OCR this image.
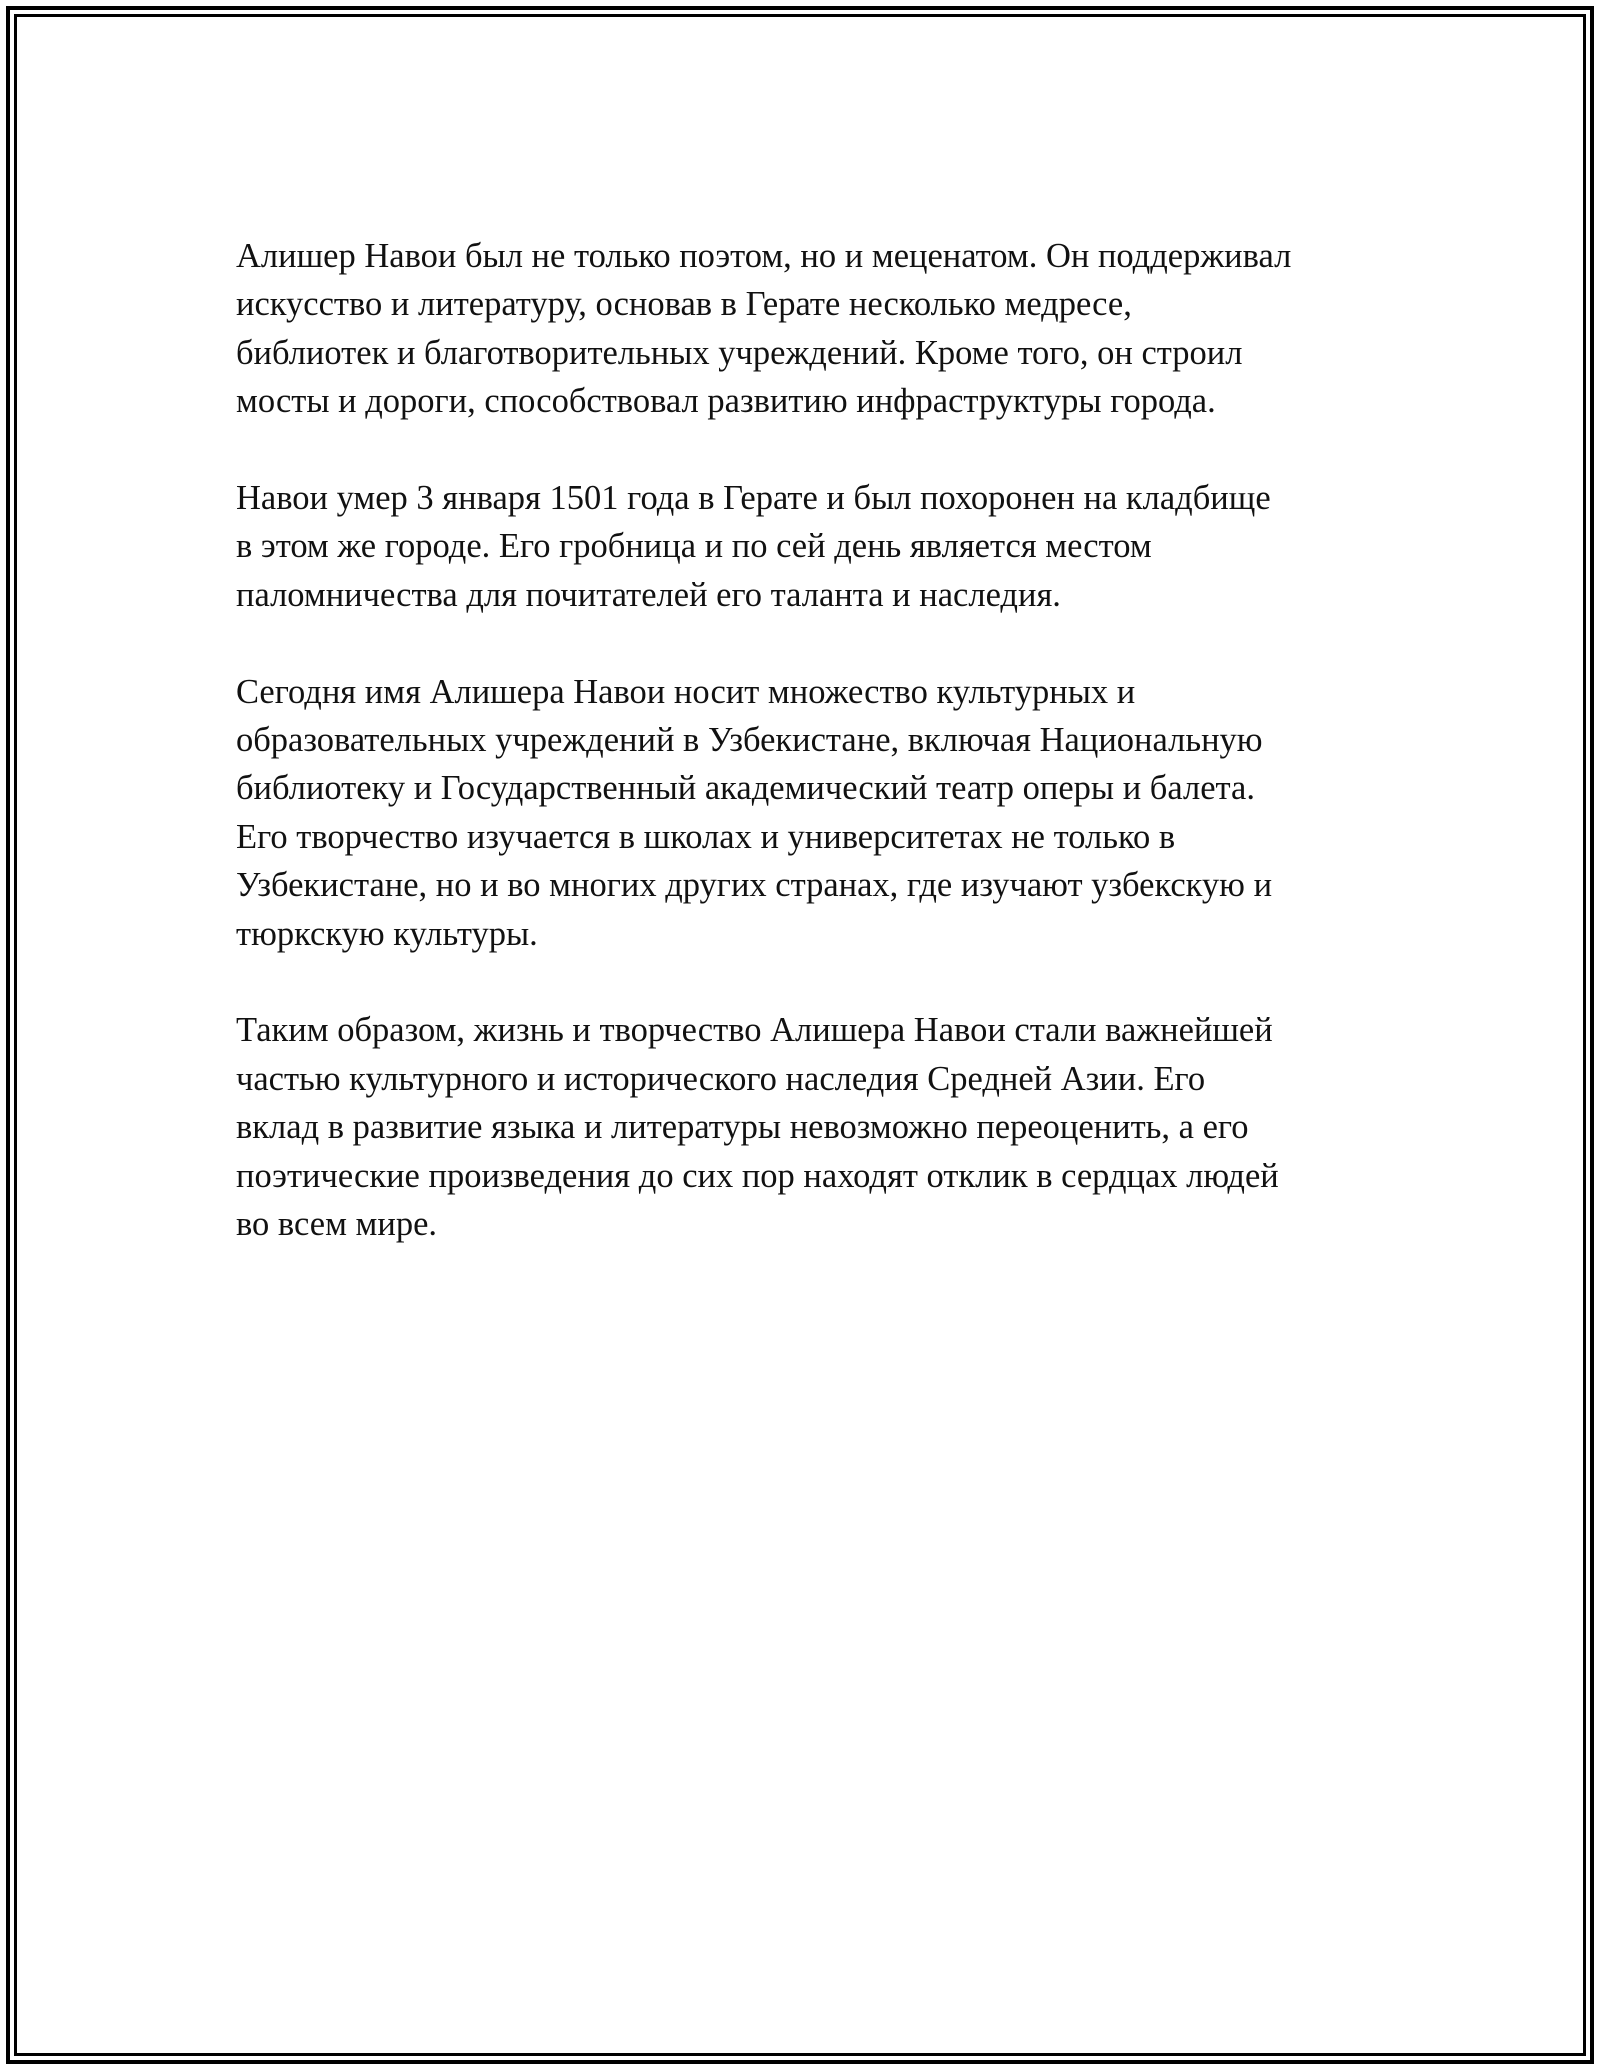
Алишер Навои был не только поэтом, но и меценатом. Он поддерживал
искусство и литературу, основав в Герате несколько медресе,
библиотек и благотворительных учреждений. Кроме того, он строил
мосты и дороги, способствовал развитию инфраструктуры города.

Навои умер 3 января 1501 года в Герате и был похоронен на кладбище
в этом же городе. Его гробница и по сей день является местом
паломничества для почитателей его таланта и наследия.

Сегодня имя Алишера Навои носит множество культурных и
образовательных учреждений в Узбекистане, включая Национальную
библиотеку и Государственный академический театр оперы и балета.
Его творчество изучается в школах и университетах не только в
Узбекистане, но и во многих других странах, где изучают узбекскую и
тюркскую культуры.

Таким образом, жизнь и творчество Алишера Навои стали важнейшей
частью культурного и исторического наследия Средней Азии. Его
вклад в развитие языка и литературы невозможно переоценить, а его
поэтические произведения до сих пор находят отклик в сердцах людей
во всем мире.
